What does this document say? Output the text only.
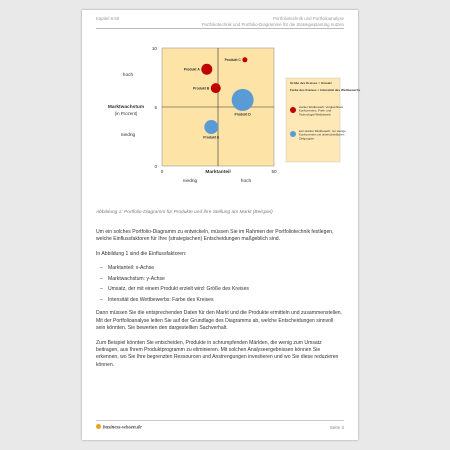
Kapitel 8.50	Portfoliotechnik und Portfolioanalyse
Portfoliotechnik und Portfolio-Diagramme für die Strategieplanung nutzen
hoch
Marktwachstum
(in Prozent)
niedrig
10
5
0
0	50
Marktanteil
niedrig	hoch
Produkt A
Produkt C
Produkt B
Produkt D
Produkt E
Größe des Kreises = Umsatz
Farbe des Kreises = Intensität des Wettbewerbs
starker Wettbewerb: Vergleichbare Konkurrenten, Preis- und Technologie-Wettbewerb
kein starker Wettbewerb: nur wenige Konkurrenten mit unterschiedlichen Zielgruppen
Abbildung 1: Portfolio-Diagramm für Produkte und ihre Stellung am Markt (Beispiel)

Um ein solches Portfolio-Diagramm zu entwickeln, müssen Sie im Rahmen der Portfoliotechnik festlegen, welche Einflussfaktoren für Ihre (strategischen) Entscheidungen maßgeblich sind.

In Abbildung 1 sind die Einflussfaktoren:

– Marktanteil: x-Achse
– Marktwachstum: y-Achse
– Umsatz, der mit einem Produkt erzielt wird: Größe des Kreises
– Intensität des Wettbewerbs: Farbe des Kreises

Dann müssen Sie die entsprechenden Daten für den Markt und die Produkte ermitteln und zusammenstellen. Mit der Portfolioanalyse leiten Sie auf der Grundlage des Diagramms ab, welche Entscheidungen sinnvoll sein könnten. Sie bewerten den dargestellten Sachverhalt.

Zum Beispiel könnten Sie entscheiden, Produkte in schrumpfenden Märkten, die wenig zum Umsatz beitragen, aus Ihrem Produktprogramm zu eliminieren. Mit solchen Analyseergebnissen können Sie erkennen, wo Sie Ihre begrenzten Ressourcen und Anstrengungen investieren und wo Sie diese reduzieren können.

business-wissen.de	Seite 3
